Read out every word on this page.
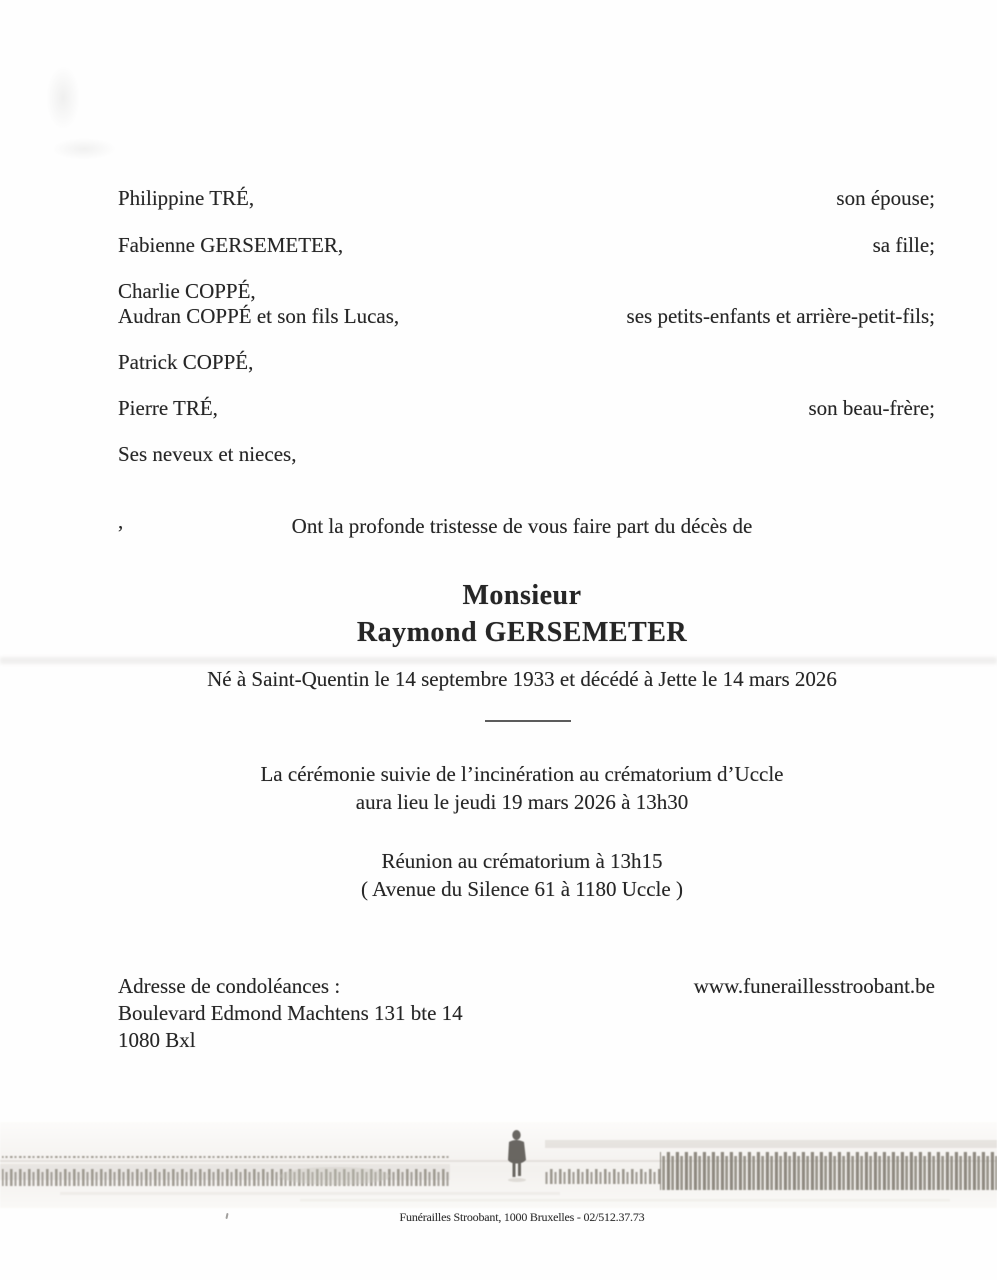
Philippine TRÉ,	son épouse;
Fabienne GERSEMETER,	sa fille;
Charlie COPPÉ,
Audran COPPÉ et son fils Lucas,	ses petits-enfants et arrière-petit-fils;
Patrick COPPÉ,
Pierre TRÉ,	son beau-frère;
Ses neveux et nieces,
,	Ont la profonde tristesse de vous faire part du décès de
Monsieur
Raymond GERSEMETER
Né à Saint-Quentin le 14 septembre 1933 et décédé à Jette le 14 mars 2026
La cérémonie suivie de l’incinération au crématorium d’Uccle
aura lieu le jeudi 19 mars 2026 à 13h30
Réunion au crématorium à 13h15
( Avenue du Silence 61 à 1180 Uccle )
Adresse de condoléances :
Boulevard Edmond Machtens 131 bte 14
1080 Bxl
www.funeraillesstroobant.be
Funérailles Stroobant, 1000 Bruxelles - 02/512.37.73
